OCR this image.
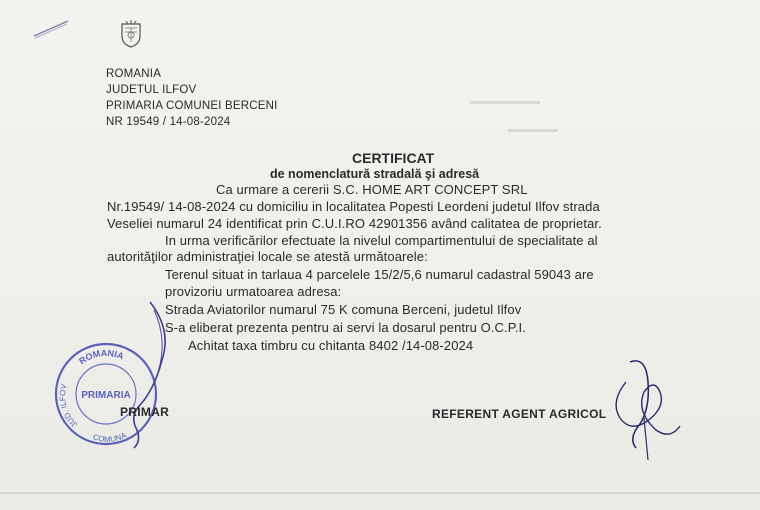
▬▬▬▬▬▬▬
▬▬▬▬▬
ROMANIA
JUDETUL ILFOV
PRIMARIA COMUNEI BERCENI
NR 19549 / 14-08-2024
CERTIFICAT
de nomenclatură stradală şi adresă
Ca urmare a cererii S.C. HOME ART CONCEPT SRL
Nr.19549/ 14-08-2024 cu domiciliu in localitatea Popesti Leordeni judetul Ilfov strada
Veseliei numarul 24 identificat prin C.U.I.RO 42901356 având calitatea de proprietar.
In urma verificărilor efectuate la nivelul compartimentului de specialitate al
autorităţilor administraţiei locale se atestă următoarele:
Terenul situat in tarlaua 4 parcelele 15/2/5,6 numarul cadastral 59043 are
provizoriu urmatoarea adresa:
Strada Aviatorilor numarul 75 K comuna Berceni, judetul Ilfov
S-a eliberat prezenta pentru ai servi la dosarul pentru O.C.P.I.
Achitat taxa timbru cu chitanta 8402 /14-08-2024
ROMANIA
JUD. ILFOV
COMUNA
PRIMARIA
PRIMAR	REFERENT AGENT AGRICOL
